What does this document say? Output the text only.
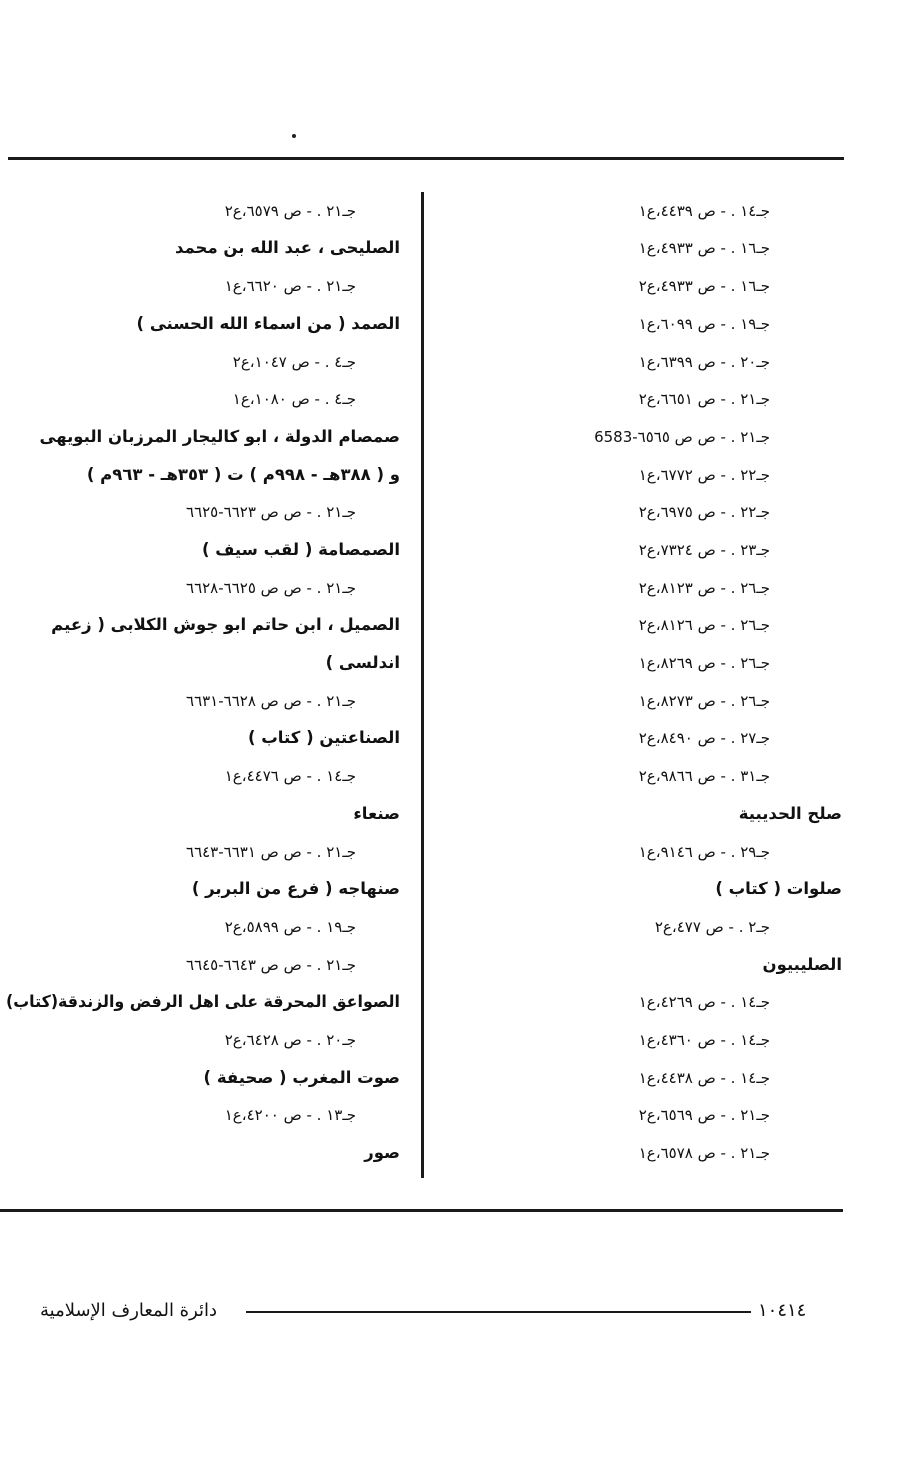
جـ١٤ . - ص ٤٤٣٩،ع١
جـ١٦ . - ص ٤٩٣٣،ع١
جـ١٦ . - ص ٤٩٣٣،ع٢
جـ١٩ . - ص ٦٠٩٩،ع١
جـ٢٠ . - ص ٦٣٩٩،ع١
جـ٢١ . - ص ٦٦٥١،ع٢
جـ٢١ . - ص ص ٦٥٦٥-6583
جـ٢٢ . - ص ٦٧٧٢،ع١
جـ٢٢ . - ص ٦٩٧٥،ع٢
جـ٢٣ . - ص ٧٣٢٤،ع٢
جـ٢٦ . - ص ٨١٢٣،ع٢
جـ٢٦ . - ص ٨١٢٦،ع٢
جـ٢٦ . - ص ٨٢٦٩،ع١
جـ٢٦ . - ص ٨٢٧٣،ع١
جـ٢٧ . - ص ٨٤٩٠،ع٢
جـ٣١ . - ص ٩٨٦٦،ع٢
صلح الحديبية
جـ٢٩ . - ص ٩١٤٦،ع١
صلوات ( كتاب )
جـ٢ . - ص ٤٧٧،ع٢
الصليبيون
جـ١٤ . - ص ٤٢٦٩،ع١
جـ١٤ . - ص ٤٣٦٠،ع١
جـ١٤ . - ص ٤٤٣٨،ع١
جـ٢١ . - ص ٦٥٦٩،ع٢
جـ٢١ . - ص ٦٥٧٨،ع١
جـ٢١ . - ص ٦٥٧٩،ع٢
الصليحى ، عبد الله بن محمد
جـ٢١ . - ص ٦٦٢٠،ع١
الصمد ( من اسماء الله الحسنى )
جـ٤ . - ص ١٠٤٧،ع٢
جـ٤ . - ص ١٠٨٠،ع١
صمصام الدولة ، ابو كاليجار المرزبان البويهى
و ( ٣٨٨هـ - ٩٩٨م ) ت ( ٣٥٣هـ - ٩٦٣م )
جـ٢١ . - ص ص ٦٦٢٣-٦٦٢٥
الصمصامة ( لقب سيف )
جـ٢١ . - ص ص ٦٦٢٥-٦٦٢٨
الصميل ، ابن حاتم ابو جوش الكلابى ( زعيم
اندلسى )
جـ٢١ . - ص ص ٦٦٢٨-٦٦٣١
الصناعتين ( كتاب )
جـ١٤ . - ص ٤٤٧٦،ع١
صنعاء
جـ٢١ . - ص ص ٦٦٣١-٦٦٤٣
صنهاجه ( فرع من البربر )
جـ١٩ . - ص ٥٨٩٩،ع٢
جـ٢١ . - ص ص ٦٦٤٣-٦٦٤٥
الصواعق المحرقة على اهل الرفض والزندقة(كتاب)
جـ٢٠ . - ص ٦٤٢٨،ع٢
صوت المغرب ( صحيفة )
جـ١٣ . - ص ٤٢٠٠،ع١
صور
١٠٤١٤
دائرة المعارف الإسلامية
